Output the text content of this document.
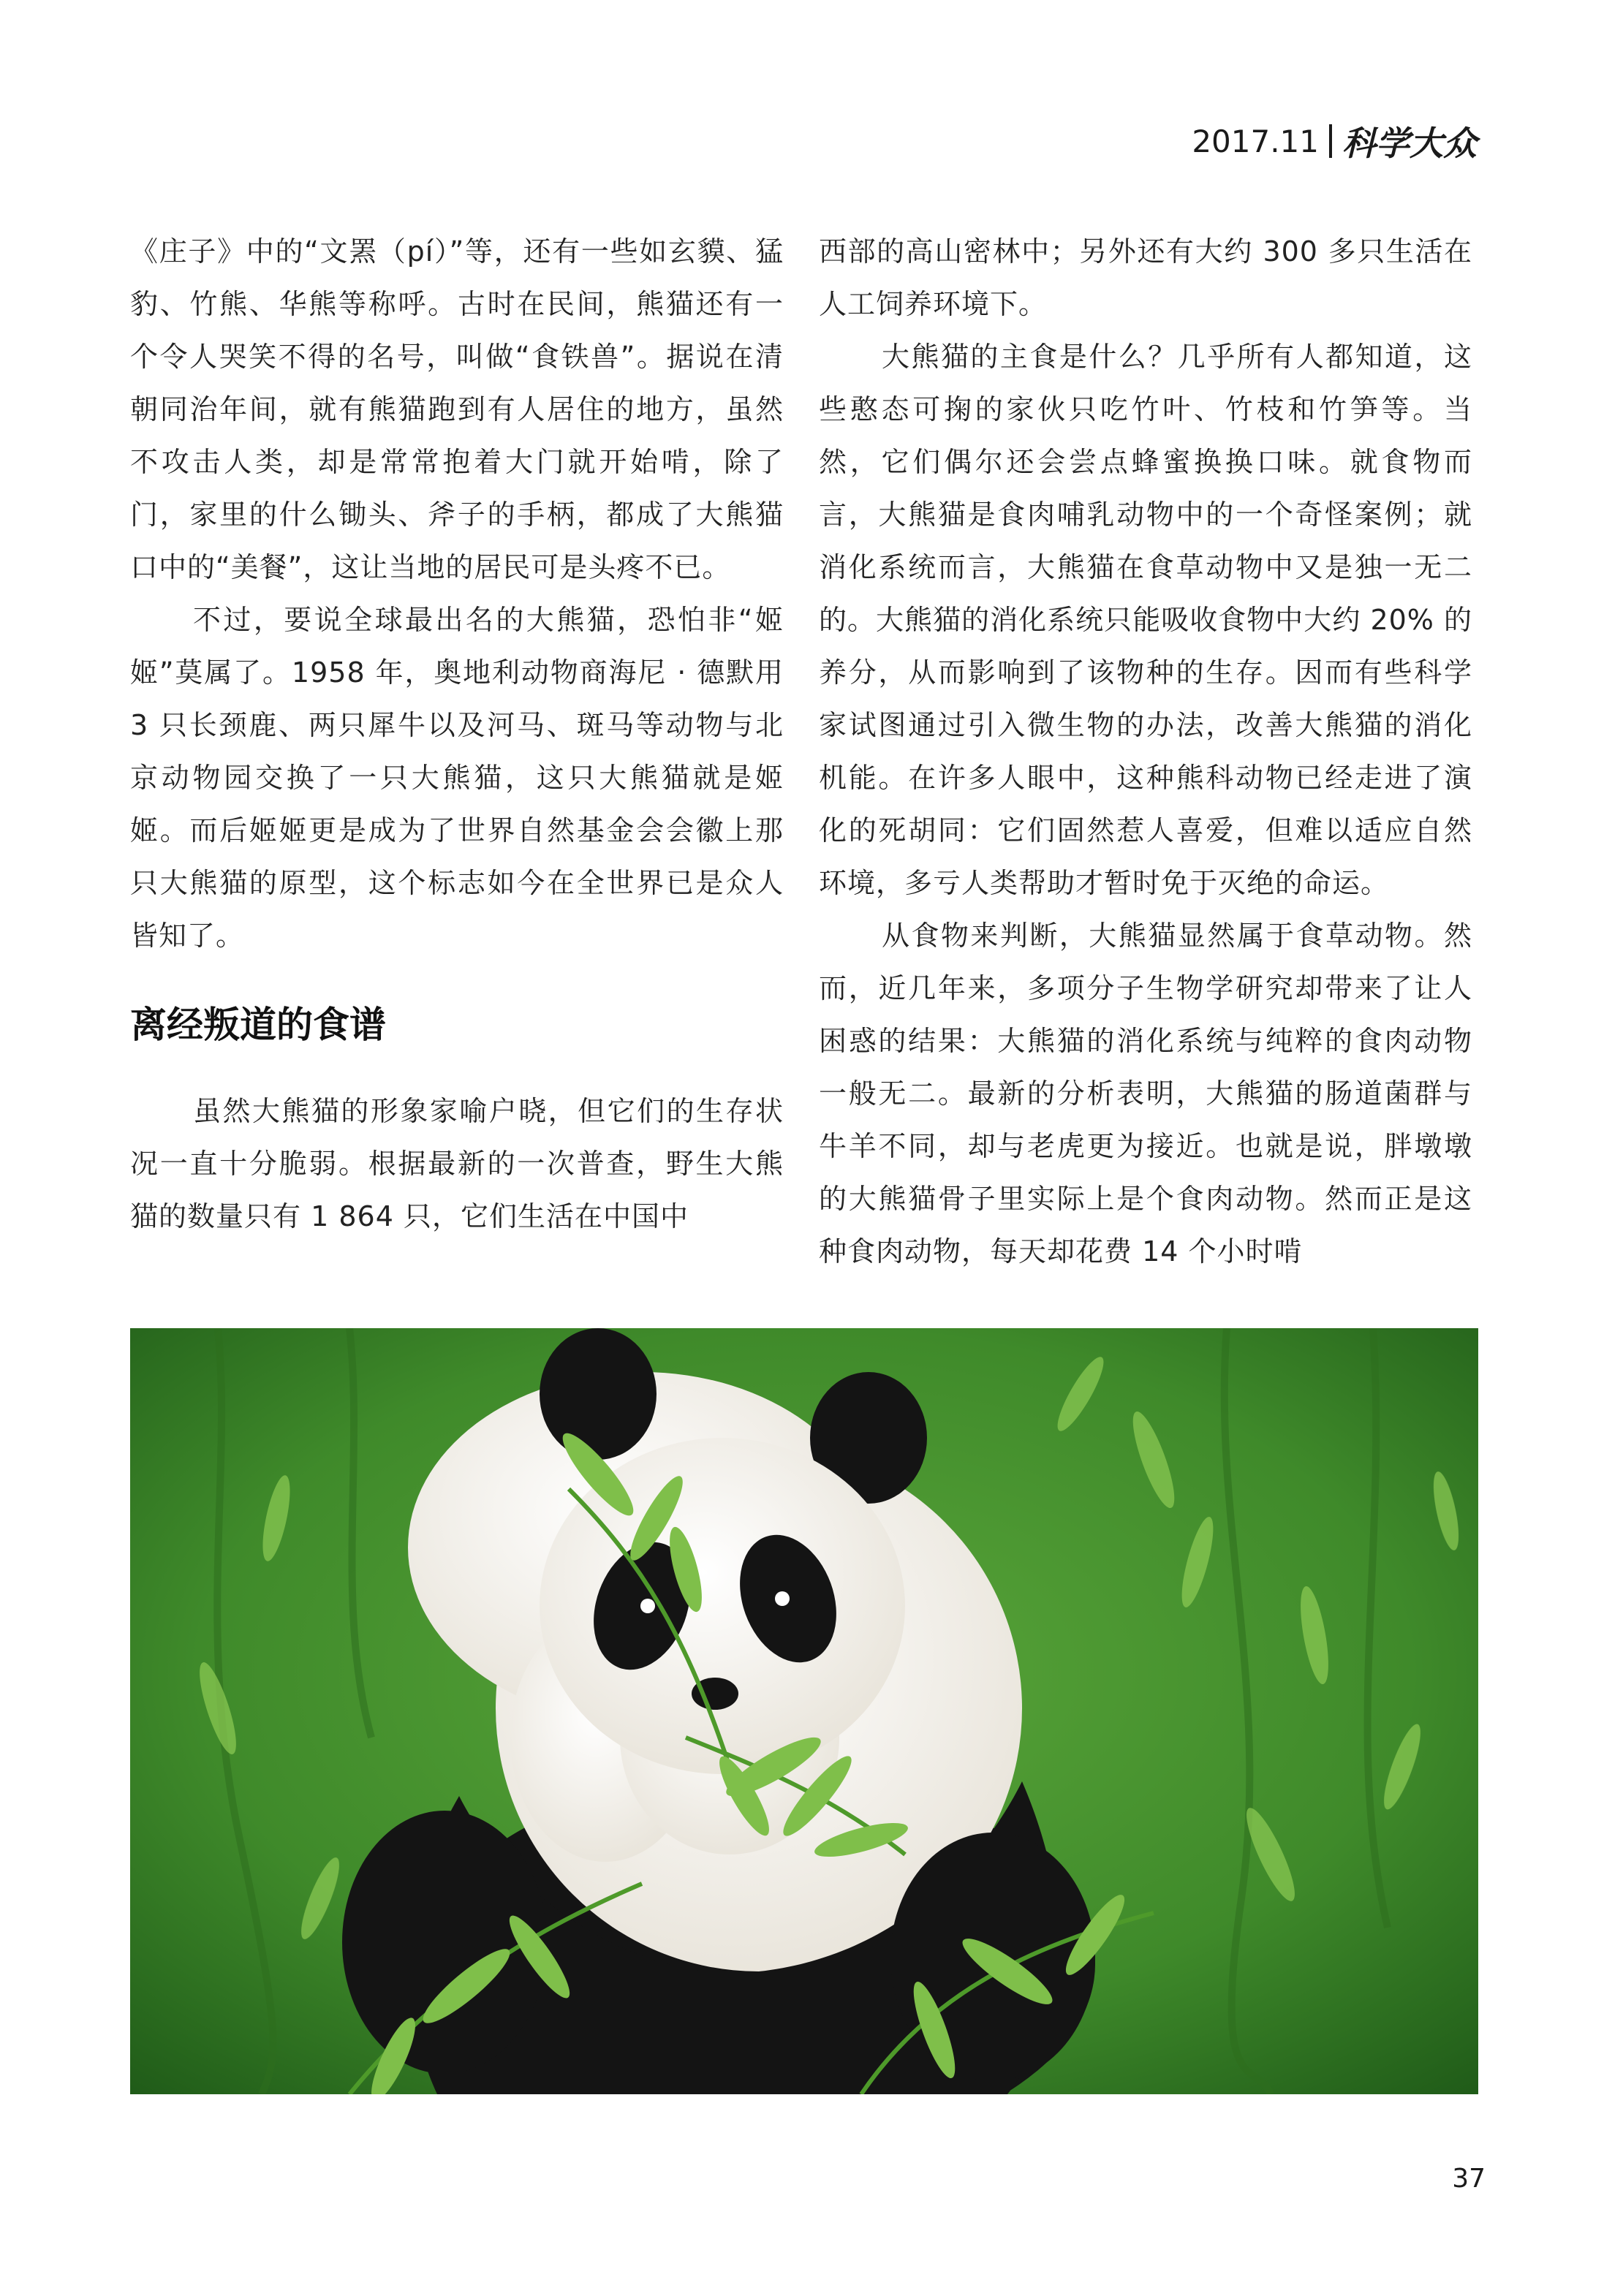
2017.11 科学大众

《庄子》中的“文罴（pí）”等，还有一些如玄貘、猛豹、竹熊、华熊等称呼。古时在民间，熊猫还有一个令人哭笑不得的名号，叫做“食铁兽”。据说在清朝同治年间，就有熊猫跑到有人居住的地方，虽然不攻击人类，却是常常抱着大门就开始啃，除了门，家里的什么锄头、斧子的手柄，都成了大熊猫口中的“美餐”，这让当地的居民可是头疼不已。

不过，要说全球最出名的大熊猫，恐怕非“姬姬”莫属了。1958 年，奥地利动物商海尼 · 德默用 3 只长颈鹿、两只犀牛以及河马、斑马等动物与北京动物园交换了一只大熊猫，这只大熊猫就是姬姬。而后姬姬更是成为了世界自然基金会会徽上那只大熊猫的原型，这个标志如今在全世界已是众人皆知了。

离经叛道的食谱

虽然大熊猫的形象家喻户晓，但它们的生存状况一直十分脆弱。根据最新的一次普查，野生大熊猫的数量只有 1 864 只，它们生活在中国中

西部的高山密林中；另外还有大约 300 多只生活在人工饲养环境下。

大熊猫的主食是什么？几乎所有人都知道，这些憨态可掬的家伙只吃竹叶、竹枝和竹笋等。当然，它们偶尔还会尝点蜂蜜换换口味。就食物而言，大熊猫是食肉哺乳动物中的一个奇怪案例；就消化系统而言，大熊猫在食草动物中又是独一无二的。大熊猫的消化系统只能吸收食物中大约 20% 的养分，从而影响到了该物种的生存。因而有些科学家试图通过引入微生物的办法，改善大熊猫的消化机能。在许多人眼中，这种熊科动物已经走进了演化的死胡同：它们固然惹人喜爱，但难以适应自然环境，多亏人类帮助才暂时免于灭绝的命运。

从食物来判断，大熊猫显然属于食草动物。然而，近几年来，多项分子生物学研究却带来了让人困惑的结果：大熊猫的消化系统与纯粹的食肉动物一般无二。最新的分析表明，大熊猫的肠道菌群与牛羊不同，却与老虎更为接近。也就是说，胖墩墩的大熊猫骨子里实际上是个食肉动物。然而正是这种食肉动物，每天却花费 14 个小时啃

37
